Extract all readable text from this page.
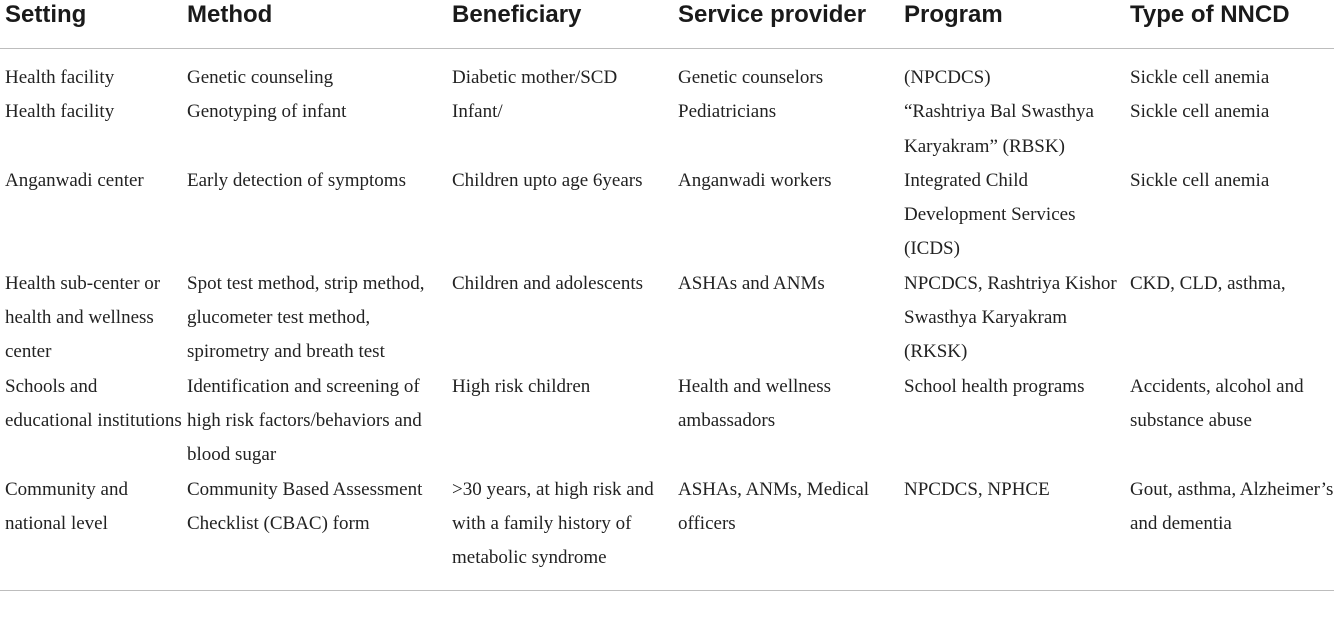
Setting	Method	Beneficiary	Service provider	Program	Type of NNCD
Health facility	Genetic counseling	Diabetic mother/SCD	Genetic counselors	(NPCDCS)	Sickle cell anemia
Health facility	Genotyping of infant	Infant/	Pediatricians	“Rashtriya Bal Swasthya Karyakram” (RBSK)	Sickle cell anemia
Anganwadi center	Early detection of symptoms	Children upto age 6years	Anganwadi workers	Integrated Child Development Services (ICDS)	Sickle cell anemia
Health sub-center or health and wellness center	Spot test method, strip method, glucometer test method, spirometry and breath test	Children and adolescents	ASHAs and ANMs	NPCDCS, Rashtriya Kishor Swasthya Karyakram (RKSK)	CKD, CLD, asthma,
Schools and educational institutions	Identification and screening of high risk factors/behaviors and blood sugar	High risk children	Health and wellness ambassadors	School health programs	Accidents, alcohol and substance abuse
Community and national level	Community Based Assessment Checklist (CBAC) form	>30 years, at high risk and with a family history of metabolic syndrome	ASHAs, ANMs, Medical officers	NPCDCS, NPHCE	Gout, asthma, Alzheimer’s and dementia
